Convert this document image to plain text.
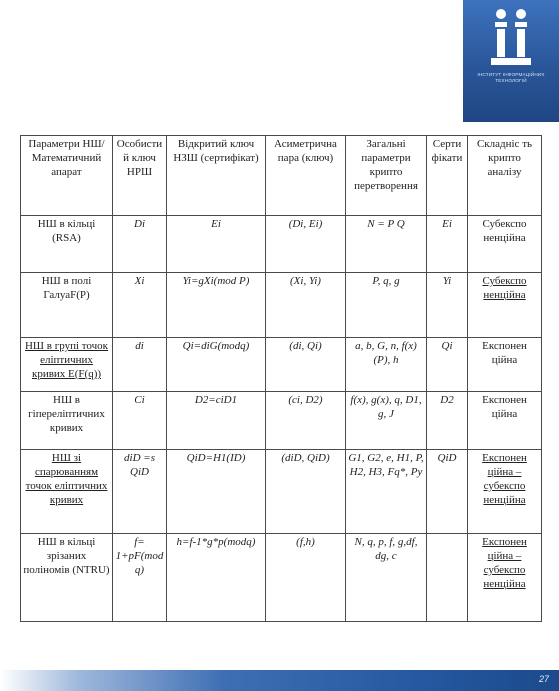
ІНСТИТУТ ІНФОРМАЦІЙНИХ ТЕХНОЛОГІЙ
Параметри НШ/ Математичний апарат	Особисти й ключ НРШ	Відкритий ключ НЗШ (сертифікат)	Асиметрична пара (ключ)	Загальні параметри крипто перетворення	Серти фікати	Складніс ть крипто аналізу
НШ в кільці (RSA)	Di	Ei	(Di, Ei)	N = P Q	Ei	Субекспо ненційна
НШ в полі ГалуаF(P)	Xi	Yi=gXi(mod P)	(Xi, Yi)	P, q, g	Yi	Субекспо ненційна
НШ в групі точок еліптичних кривих E(F(q))	di	Qi=diG(modq)	(di, Qi)	a, b, G, n, f(x)(P), h	Qi	Експонен ційна
НШ в гіпереліптичних кривих	Ci	D2=ciD1	(ci, D2)	f(x), g(x), q, D1, g, J	D2	Експонен ційна
НШ зі спарюванням точок еліптичних кривих	diD =s QiD	QiD=H1(ID)	(diD, QiD)	G1, G2, e, H1, P, H2, H3, Fq*, Py	QiD	Експонен ційна – субекспо ненційна
НШ в кільці зрізаних поліномів (NTRU)	f= 1+pF(mod q)	h=f-1*g*p(modq)	(f,h)	N, q, p, f, g,df, dg, c		Експонен ційна – субекспо ненційна
27
